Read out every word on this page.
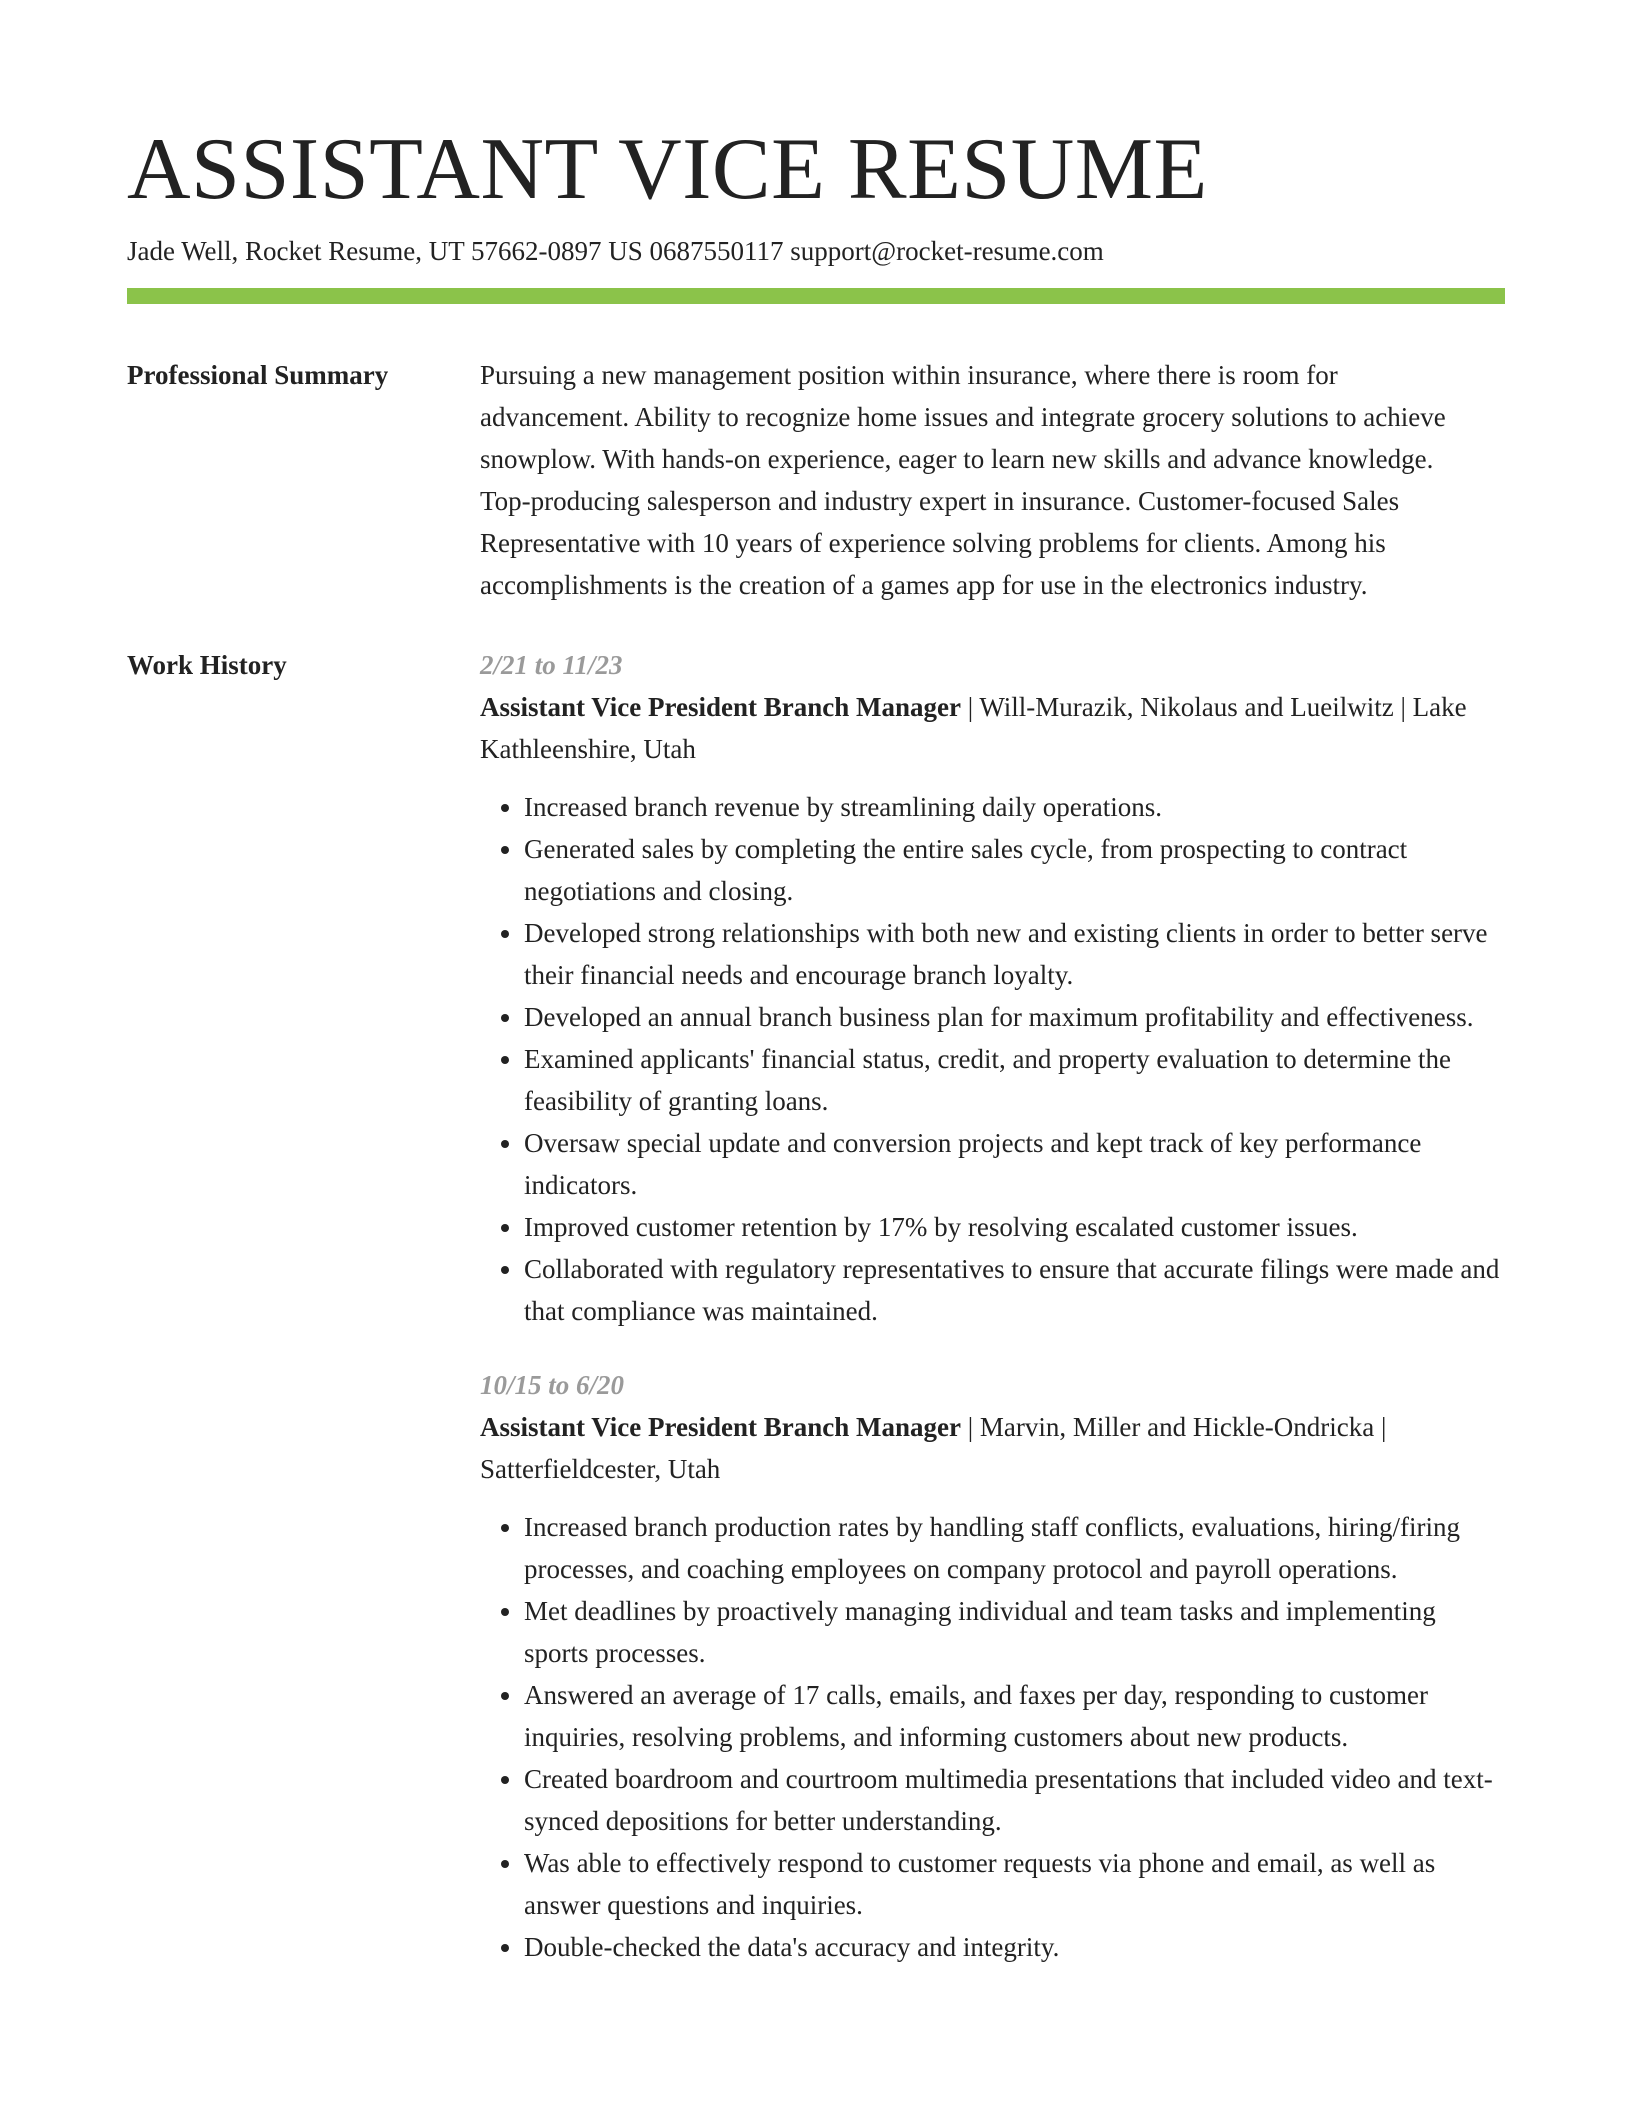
ASSISTANT VICE RESUME
Jade Well, Rocket Resume, UT 57662-0897 US 0687550117 support@rocket-resume.com
Professional Summary	Pursuing a new management position within insurance, where there is room for advancement. Ability to recognize home issues and integrate grocery solutions to achieve snowplow. With hands-on experience, eager to learn new skills and advance knowledge. Top-producing salesperson and industry expert in insurance. Customer-focused Sales Representative with 10 years of experience solving problems for clients. Among his accomplishments is the creation of a games app for use in the electronics industry.

Work History	2/21 to 11/23
Assistant Vice President Branch Manager | Will-Murazik, Nikolaus and Lueilwitz | Lake Kathleenshire, Utah
• Increased branch revenue by streamlining daily operations.
• Generated sales by completing the entire sales cycle, from prospecting to contract negotiations and closing.
• Developed strong relationships with both new and existing clients in order to better serve their financial needs and encourage branch loyalty.
• Developed an annual branch business plan for maximum profitability and effectiveness.
• Examined applicants' financial status, credit, and property evaluation to determine the feasibility of granting loans.
• Oversaw special update and conversion projects and kept track of key performance indicators.
• Improved customer retention by 17% by resolving escalated customer issues.
• Collaborated with regulatory representatives to ensure that accurate filings were made and that compliance was maintained.
10/15 to 6/20
Assistant Vice President Branch Manager | Marvin, Miller and Hickle-Ondricka | Satterfieldcester, Utah
• Increased branch production rates by handling staff conflicts, evaluations, hiring/firing processes, and coaching employees on company protocol and payroll operations.
• Met deadlines by proactively managing individual and team tasks and implementing sports processes.
• Answered an average of 17 calls, emails, and faxes per day, responding to customer inquiries, resolving problems, and informing customers about new products.
• Created boardroom and courtroom multimedia presentations that included video and text-synced depositions for better understanding.
• Was able to effectively respond to customer requests via phone and email, as well as answer questions and inquiries.
• Double-checked the data's accuracy and integrity.
